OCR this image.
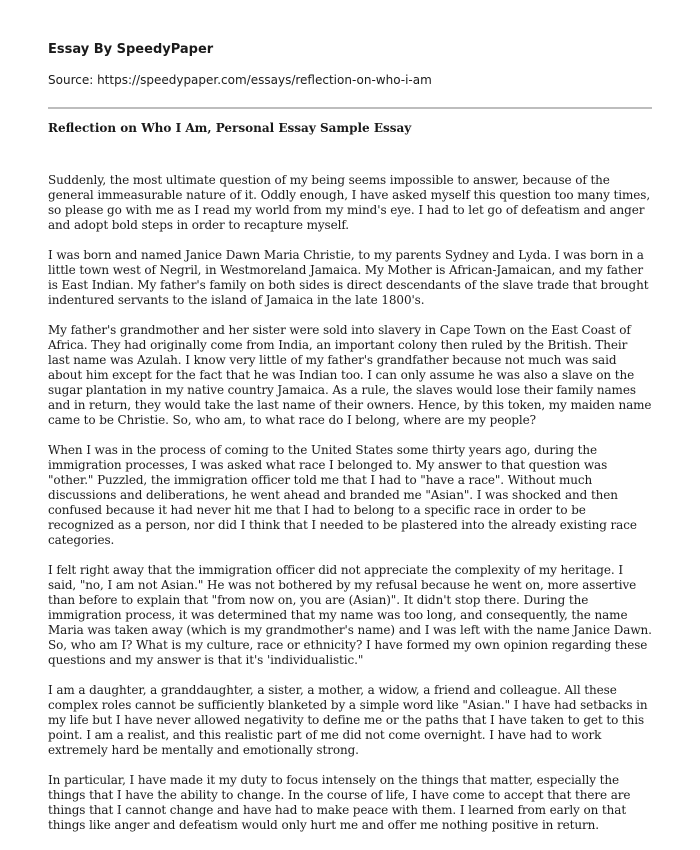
Essay By SpeedyPaper
Source: https://speedypaper.com/essays/reflection-on-who-i-am
Reflection on Who I Am, Personal Essay Sample Essay

Suddenly, the most ultimate question of my being seems impossible to answer, because of the general immeasurable nature of it. Oddly enough, I have asked myself this question too many times, so please go with me as I read my world from my mind's eye. I had to let go of defeatism and anger and adopt bold steps in order to recapture myself.

I was born and named Janice Dawn Maria Christie, to my parents Sydney and Lyda. I was born in a little town west of Negril, in Westmoreland Jamaica. My Mother is African-Jamaican, and my father is East Indian. My father's family on both sides is direct descendants of the slave trade that brought indentured servants to the island of Jamaica in the late 1800's.

My father's grandmother and her sister were sold into slavery in Cape Town on the East Coast of Africa. They had originally come from India, an important colony then ruled by the British. Their last name was Azulah. I know very little of my father's grandfather because not much was said about him except for the fact that he was Indian too. I can only assume he was also a slave on the sugar plantation in my native country Jamaica. As a rule, the slaves would lose their family names and in return, they would take the last name of their owners. Hence, by this token, my maiden name came to be Christie. So, who am, to what race do I belong, where are my people?

When I was in the process of coming to the United States some thirty years ago, during the immigration processes, I was asked what race I belonged to. My answer to that question was "other." Puzzled, the immigration officer told me that I had to "have a race". Without much discussions and deliberations, he went ahead and branded me "Asian". I was shocked and then confused because it had never hit me that I had to belong to a specific race in order to be recognized as a person, nor did I think that I needed to be plastered into the already existing race categories.

I felt right away that the immigration officer did not appreciate the complexity of my heritage. I said, "no, I am not Asian." He was not bothered by my refusal because he went on, more assertive than before to explain that "from now on, you are (Asian)". It didn't stop there. During the immigration process, it was determined that my name was too long, and consequently, the name Maria was taken away (which is my grandmother's name) and I was left with the name Janice Dawn. So, who am I? What is my culture, race or ethnicity? I have formed my own opinion regarding these questions and my answer is that it's 'individualistic."

I am a daughter, a granddaughter, a sister, a mother, a widow, a friend and colleague. All these complex roles cannot be sufficiently blanketed by a simple word like "Asian." I have had setbacks in my life but I have never allowed negativity to define me or the paths that I have taken to get to this point. I am a realist, and this realistic part of me did not come overnight. I have had to work extremely hard be mentally and emotionally strong.

In particular, I have made it my duty to focus intensely on the things that matter, especially the things that I have the ability to change. In the course of life, I have come to accept that there are things that I cannot change and have had to make peace with them. I learned from early on that things like anger and defeatism would only hurt me and offer me nothing positive in return.
